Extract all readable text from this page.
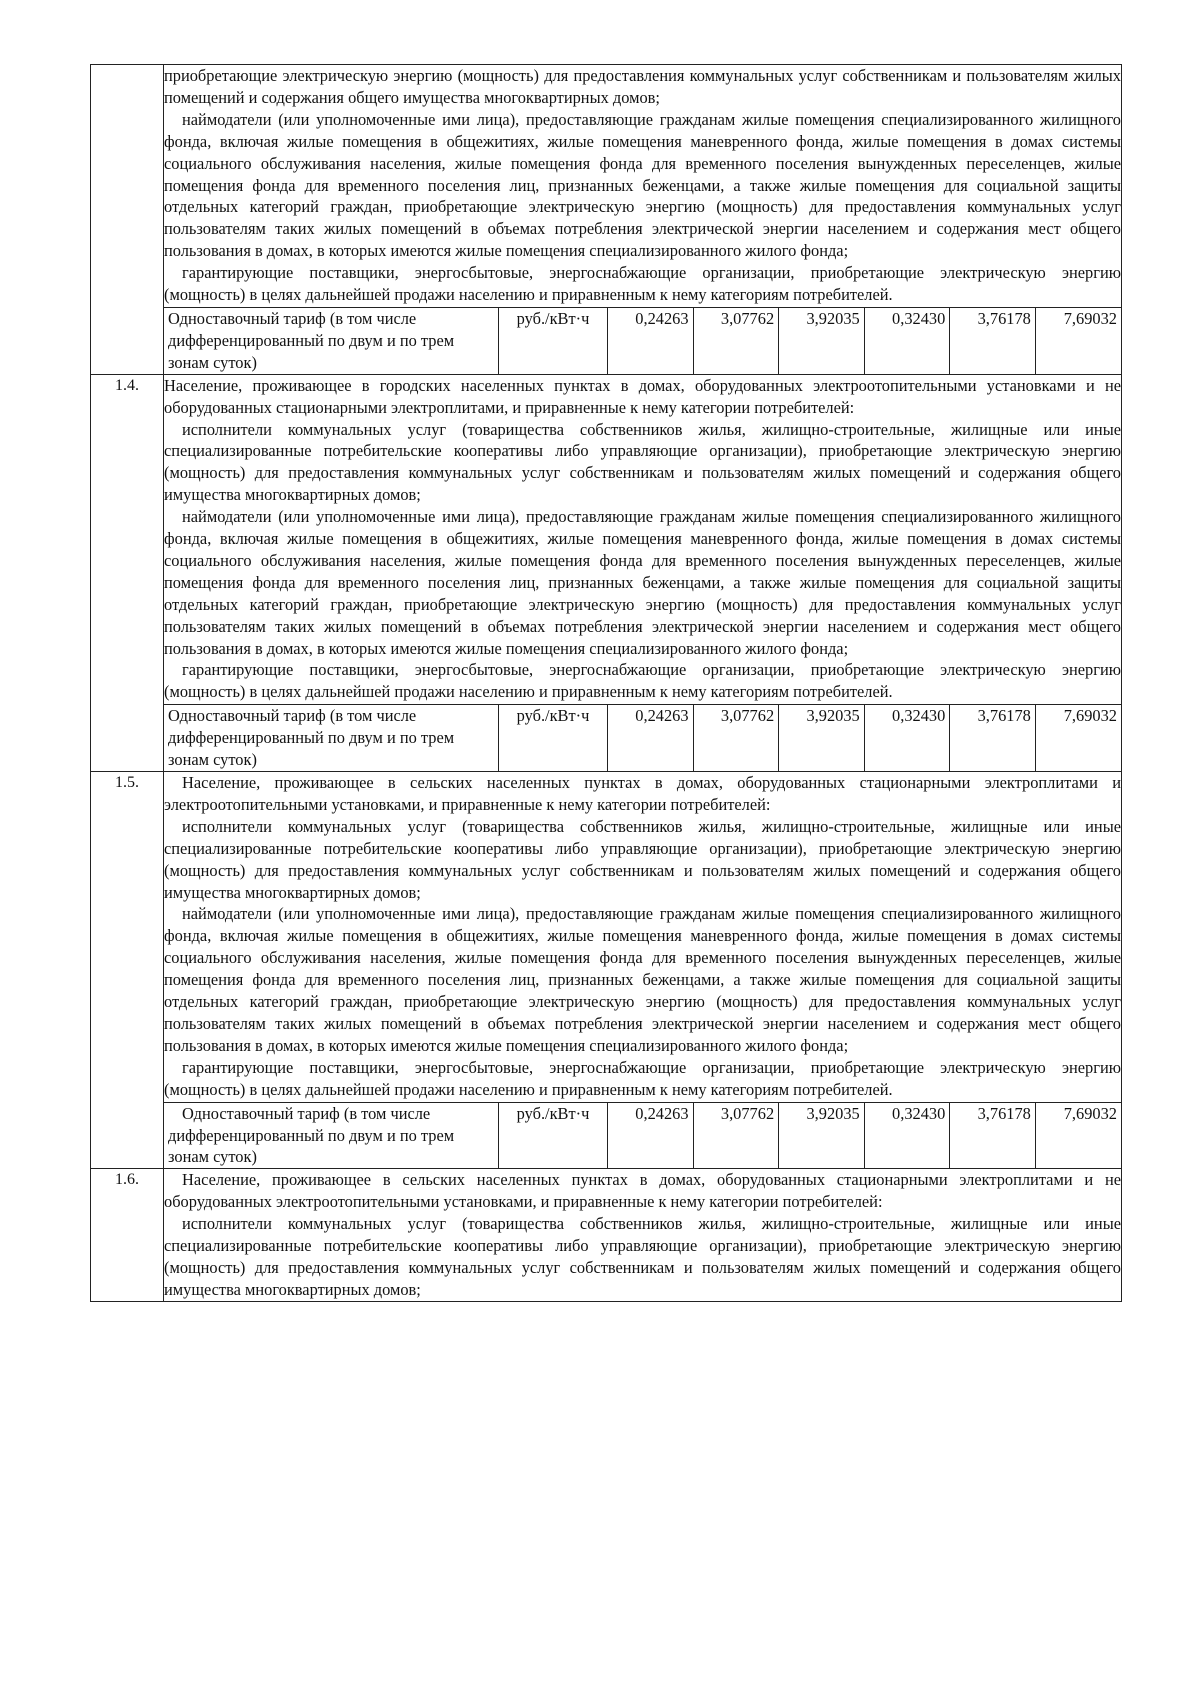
приобретающие электрическую энергию (мощность) для предоставления коммунальных услуг собственникам и пользователям жилых помещений и содержания общего имущества многоквартирных домов;

наймодатели (или уполномоченные ими лица), предоставляющие гражданам жилые помещения специализированного жилищного фонда, включая жилые помещения в общежитиях, жилые помещения маневренного фонда, жилые помещения в домах системы социального обслуживания населения, жилые помещения фонда для временного поселения вынужденных переселенцев, жилые помещения фонда для временного поселения лиц, признанных беженцами, а также жилые помещения для социальной защиты отдельных категорий граждан, приобретающие электрическую энергию (мощность) для предоставления коммунальных услуг пользователям таких жилых помещений в объемах потребления электрической энергии населением и содержания мест общего пользования в домах, в которых имеются жилые помещения специализированного жилого фонда;

гарантирующие поставщики, энергосбытовые, энергоснабжающие организации, приобретающие электрическую энергию (мощность) в целях дальнейшей продажи населению и приравненным к нему категориям потребителей.

Одноставочный тариф (в том числе дифференцированный по двум и по трем зонам суток)	руб./кВт·ч	0,24263	3,07762	3,92035	0,32430	3,76178	7,69032

1.4.	Население, проживающее в городских населенных пунктах в домах, оборудованных электроотопительными установками и не оборудованных стационарными электроплитами, и приравненные к нему категории потребителей:

исполнители коммунальных услуг (товарищества собственников жилья, жилищно-строительные, жилищные или иные специализированные потребительские кооперативы либо управляющие организации), приобретающие электрическую энергию (мощность) для предоставления коммунальных услуг собственникам и пользователям жилых помещений и содержания общего имущества многоквартирных домов;

наймодатели (или уполномоченные ими лица), предоставляющие гражданам жилые помещения специализированного жилищного фонда, включая жилые помещения в общежитиях, жилые помещения маневренного фонда, жилые помещения в домах системы социального обслуживания населения, жилые помещения фонда для временного поселения вынужденных переселенцев, жилые помещения фонда для временного поселения лиц, признанных беженцами, а также жилые помещения для социальной защиты отдельных категорий граждан, приобретающие электрическую энергию (мощность) для предоставления коммунальных услуг пользователям таких жилых помещений в объемах потребления электрической энергии населением и содержания мест общего пользования в домах, в которых имеются жилые помещения специализированного жилого фонда;

гарантирующие поставщики, энергосбытовые, энергоснабжающие организации, приобретающие электрическую энергию (мощность) в целях дальнейшей продажи населению и приравненным к нему категориям потребителей.

Одноставочный тариф (в том числе дифференцированный по двум и по трем зонам суток)	руб./кВт·ч	0,24263	3,07762	3,92035	0,32430	3,76178	7,69032

1.5.	Население, проживающее в сельских населенных пунктах в домах, оборудованных стационарными электроплитами и электроотопительными установками, и приравненные к нему категории потребителей:

исполнители коммунальных услуг (товарищества собственников жилья, жилищно-строительные, жилищные или иные специализированные потребительские кооперативы либо управляющие организации), приобретающие электрическую энергию (мощность) для предоставления коммунальных услуг собственникам и пользователям жилых помещений и содержания общего имущества многоквартирных домов;

наймодатели (или уполномоченные ими лица), предоставляющие гражданам жилые помещения специализированного жилищного фонда, включая жилые помещения в общежитиях, жилые помещения маневренного фонда, жилые помещения в домах системы социального обслуживания населения, жилые помещения фонда для временного поселения вынужденных переселенцев, жилые помещения фонда для временного поселения лиц, признанных беженцами, а также жилые помещения для социальной защиты отдельных категорий граждан, приобретающие электрическую энергию (мощность) для предоставления коммунальных услуг пользователям таких жилых помещений в объемах потребления электрической энергии населением и содержания мест общего пользования в домах, в которых имеются жилые помещения специализированного жилого фонда;

гарантирующие поставщики, энергосбытовые, энергоснабжающие организации, приобретающие электрическую энергию (мощность) в целях дальнейшей продажи населению и приравненным к нему категориям потребителей.

Одноставочный тариф (в том числе дифференцированный по двум и по трем зонам суток)	руб./кВт·ч	0,24263	3,07762	3,92035	0,32430	3,76178	7,69032

1.6.	Население, проживающее в сельских населенных пунктах в домах, оборудованных стационарными электроплитами и не оборудованных электроотопительными установками, и приравненные к нему категории потребителей:

исполнители коммунальных услуг (товарищества собственников жилья, жилищно-строительные, жилищные или иные специализированные потребительские кооперативы либо управляющие организации), приобретающие электрическую энергию (мощность) для предоставления коммунальных услуг собственникам и пользователям жилых помещений и содержания общего имущества многоквартирных домов;
